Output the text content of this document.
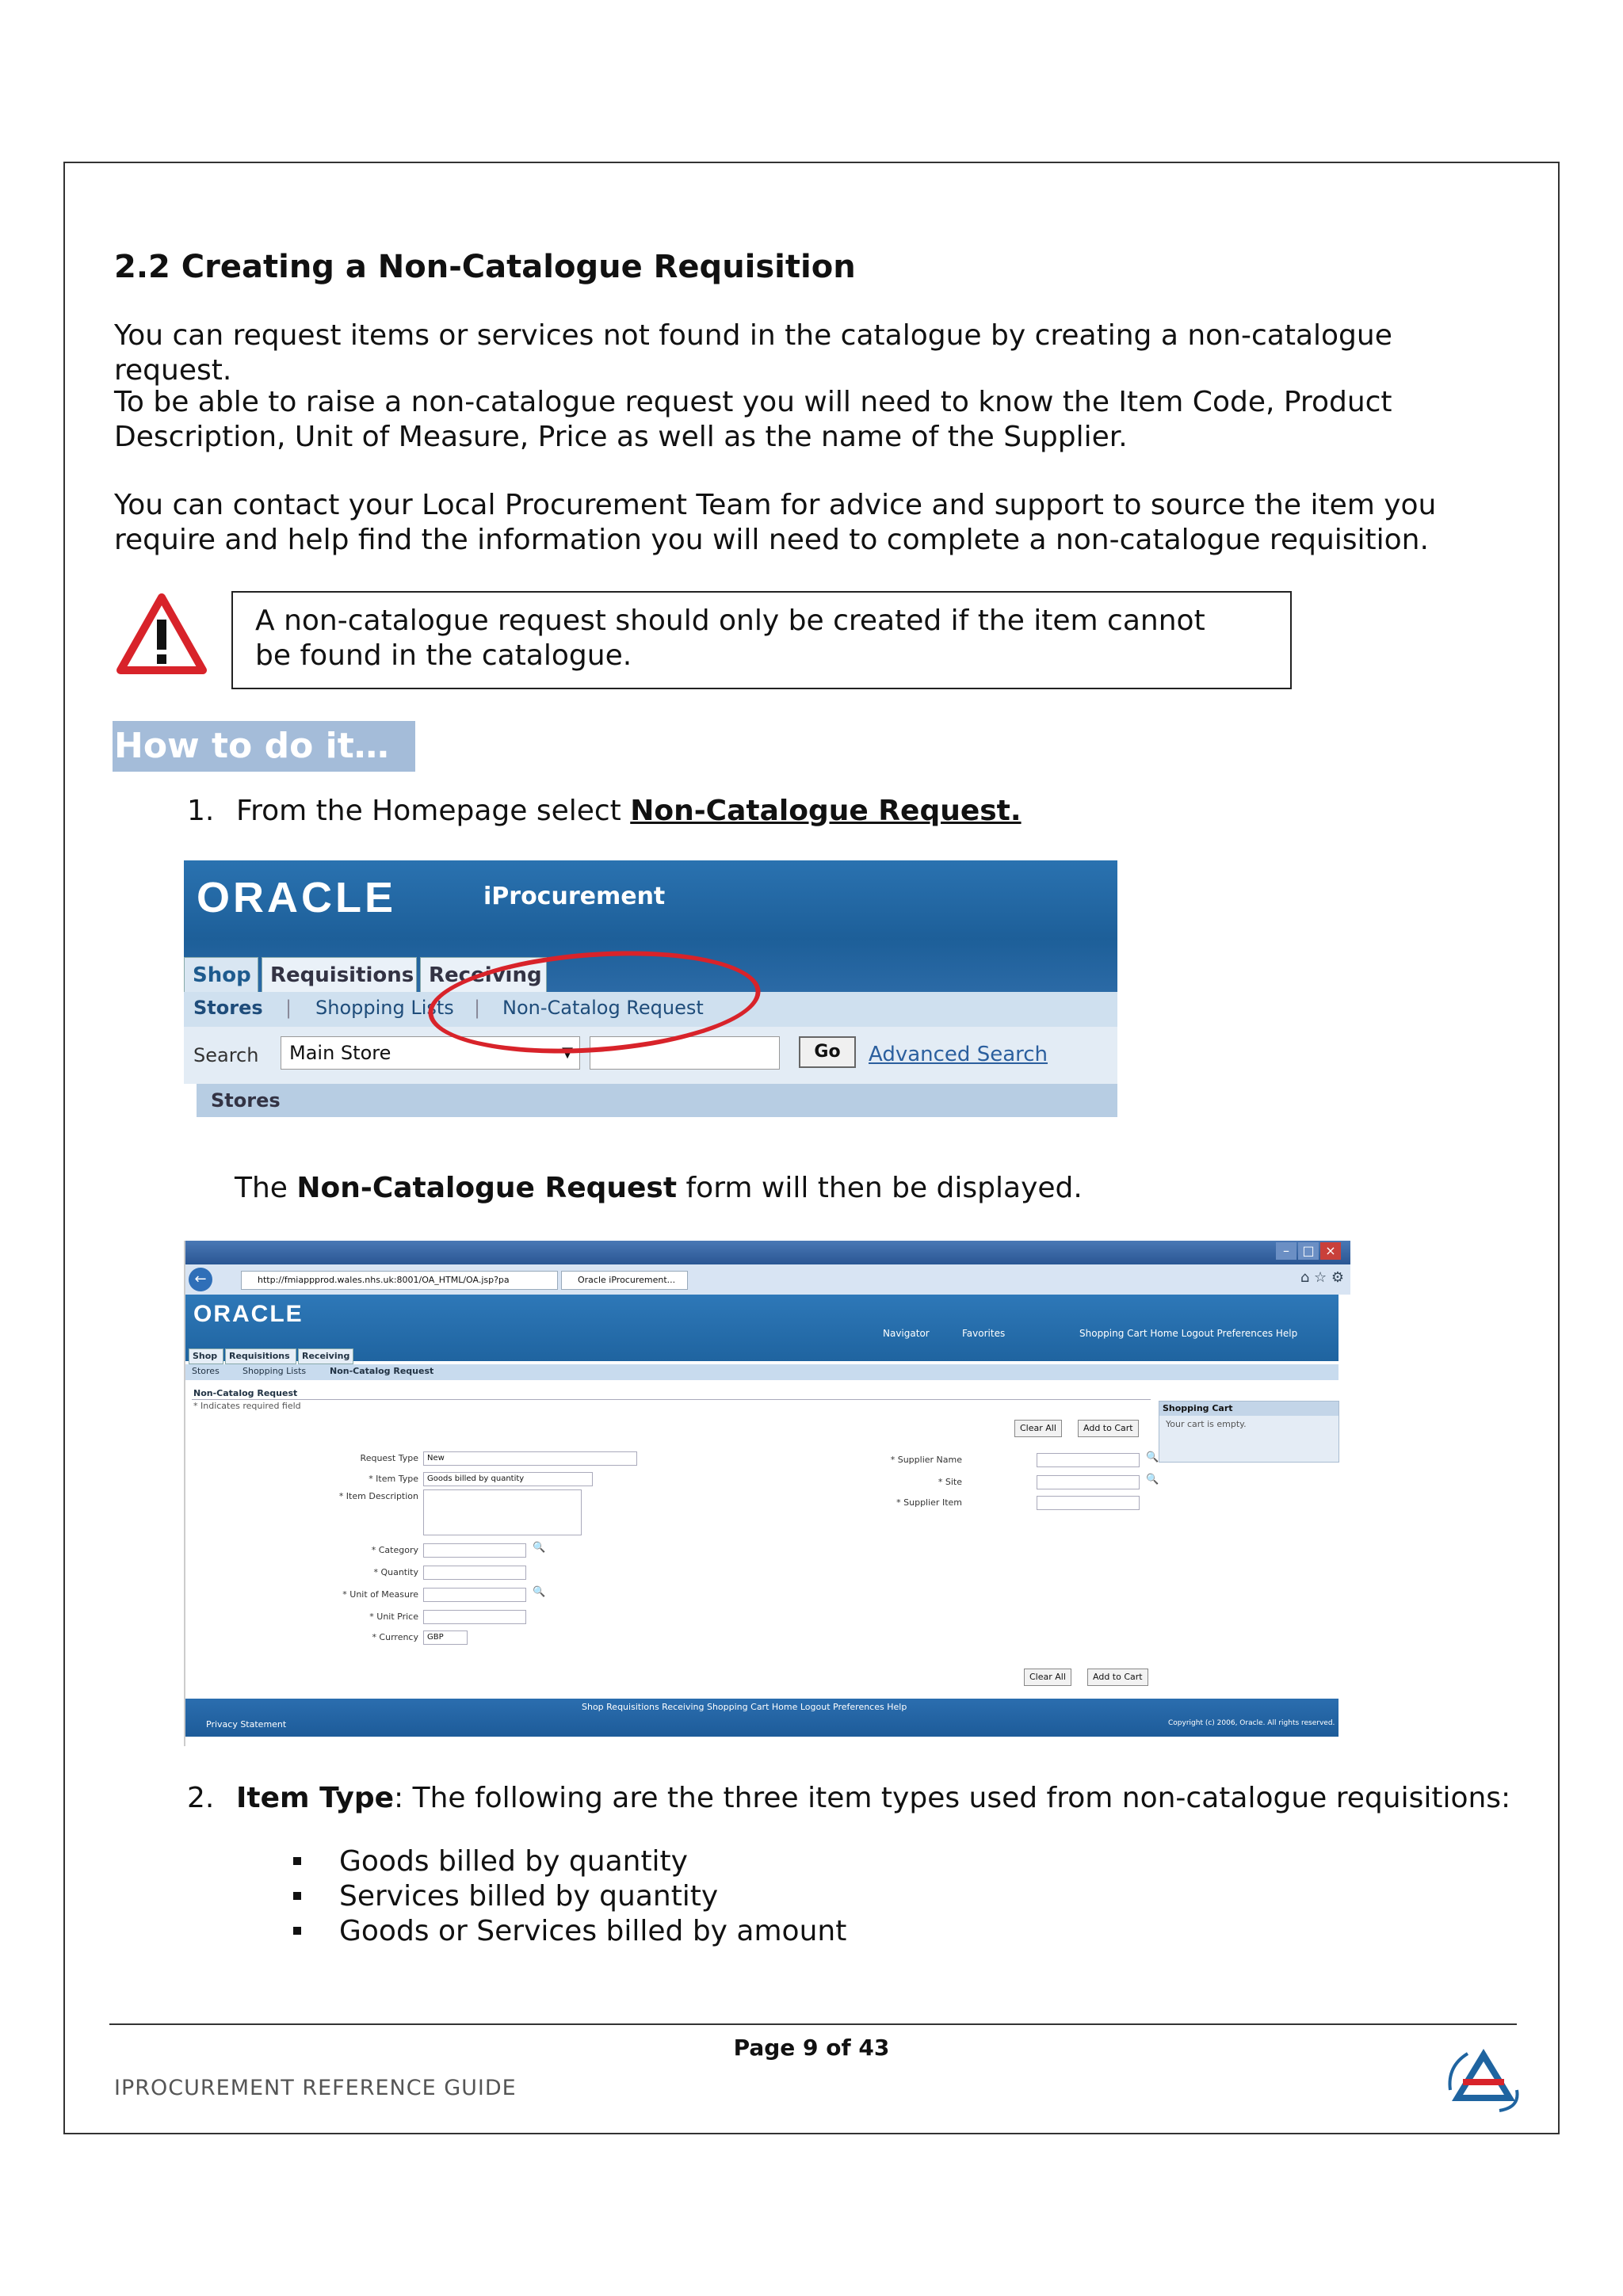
2.2 Creating a Non-Catalogue Requisition
You can request items or services not found in the catalogue by creating a non-catalogue request.
To be able to raise a non-catalogue request you will need to know the Item Code, Product
Description, Unit of Measure, Price as well as the name of the Supplier.
You can contact your Local Procurement Team for advice and support to source the item you
require and help find the information you will need to complete a non-catalogue requisition.
A non-catalogue request should only be created if the item cannot
be found in the catalogue.
How to do it…
1. From the Homepage select Non-Catalogue Request.
ORACLE	iProcurement
Shop Requisitions Receiving
Stores | Shopping Lists | Non-Catalog Request
Search	Main Store	▼	Go	Advanced Search
Stores
The Non-Catalogue Request form will then be displayed.
–	□ ×
←	http://fmiappprod.wales.nhs.uk:8001/OA_HTML/OA.jsp?pa	Oracle iProcurement...	⌂ ☆ ⚙
ORACLE
Navigator	Favorites	Shopping Cart Home Logout Preferences Help
Shop	Requisitions	Receiving
Stores	Shopping Lists	Non-Catalog Request
Non-Catalog Request
* Indicates required field
Clear All	Add to Cart
Shopping Cart
Your cart is empty.
Request Type	New
* Item Type	Goods billed by quantity
* Item Description
* Category	🔍
* Quantity
* Unit of Measure	🔍
* Unit Price
* Currency	GBP
* Supplier Name	🔍
* Site	🔍
* Supplier Item
Clear All	Add to Cart
Shop Requisitions Receiving Shopping Cart Home Logout Preferences Help
Privacy Statement	Copyright (c) 2006, Oracle. All rights reserved.
2. Item Type: The following are the three item types used from non-catalogue requisitions:
Goods billed by quantity
Services billed by quantity
Goods or Services billed by amount
Page 9 of 43
IPROCUREMENT REFERENCE GUIDE
